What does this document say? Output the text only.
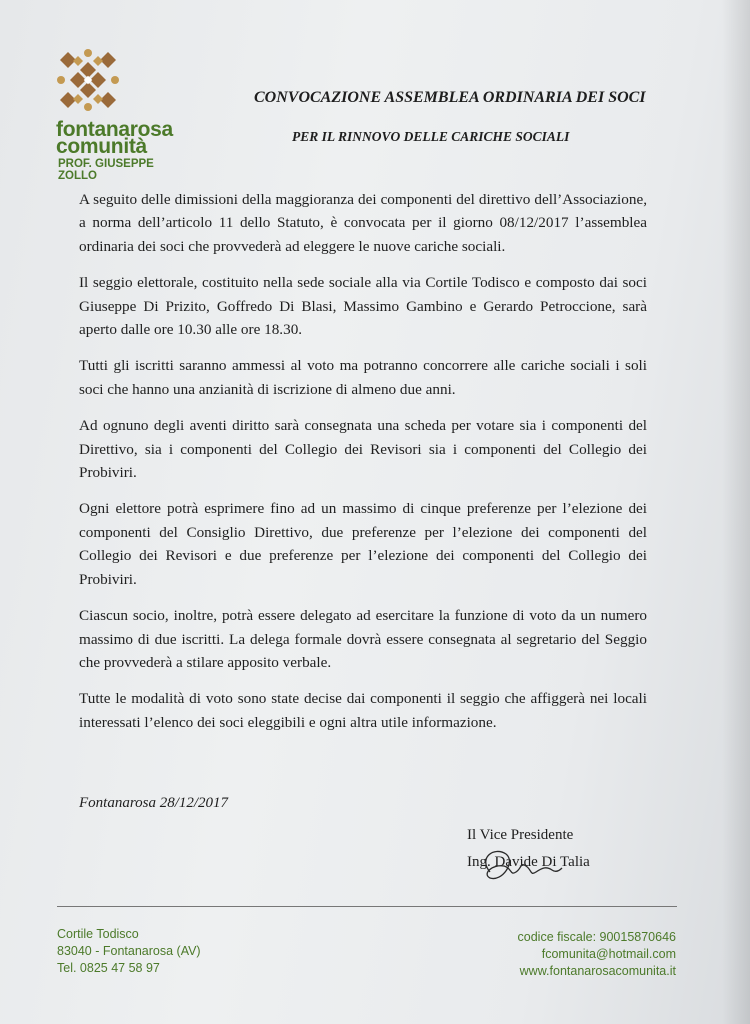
fontanarosa
comunità
PROF. GIUSEPPE ZOLLO
CONVOCAZIONE ASSEMBLEA ORDINARIA DEI SOCI
PER IL RINNOVO DELLE CARICHE SOCIALI

A seguito delle dimissioni della maggioranza dei componenti del direttivo dell’Associazione, a norma dell’articolo 11 dello Statuto, è convocata per il giorno 08/12/2017 l’assemblea ordinaria dei soci che provvederà ad eleggere le nuove cariche sociali.

Il seggio elettorale, costituito nella sede sociale alla via Cortile Todisco e composto dai soci Giuseppe Di Prizito, Goffredo Di Blasi, Massimo Gambino e Gerardo Petroccione, sarà aperto dalle ore 10.30 alle ore 18.30.

Tutti gli iscritti saranno ammessi al voto ma potranno concorrere alle cariche sociali i soli soci che hanno una anzianità di iscrizione di almeno due anni.

Ad ognuno degli aventi diritto sarà consegnata una scheda per votare sia i componenti del Direttivo, sia i componenti del Collegio dei Revisori sia i componenti del Collegio dei Probiviri.

Ogni elettore potrà esprimere fino ad un massimo di cinque preferenze per l’elezione dei componenti del Consiglio Direttivo, due preferenze per l’elezione dei componenti del Collegio dei Revisori e due preferenze per l’elezione dei componenti del Collegio dei Probiviri.

Ciascun socio, inoltre, potrà essere delegato ad esercitare la funzione di voto da un numero massimo di due iscritti. La delega formale dovrà essere consegnata al segretario del Seggio che provvederà a stilare apposito verbale.

Tutte le modalità di voto sono state decise dai componenti il seggio che affiggerà nei locali interessati l’elenco dei soci eleggibili e ogni altra utile informazione.

Fontanarosa 28/12/2017
Il Vice Presidente
Ing. Davide Di Talia
Cortile Todisco
83040 - Fontanarosa (AV)
Tel. 0825 47 58 97
codice fiscale: 90015870646
fcomunita@hotmail.com
www.fontanarosacomunita.it
